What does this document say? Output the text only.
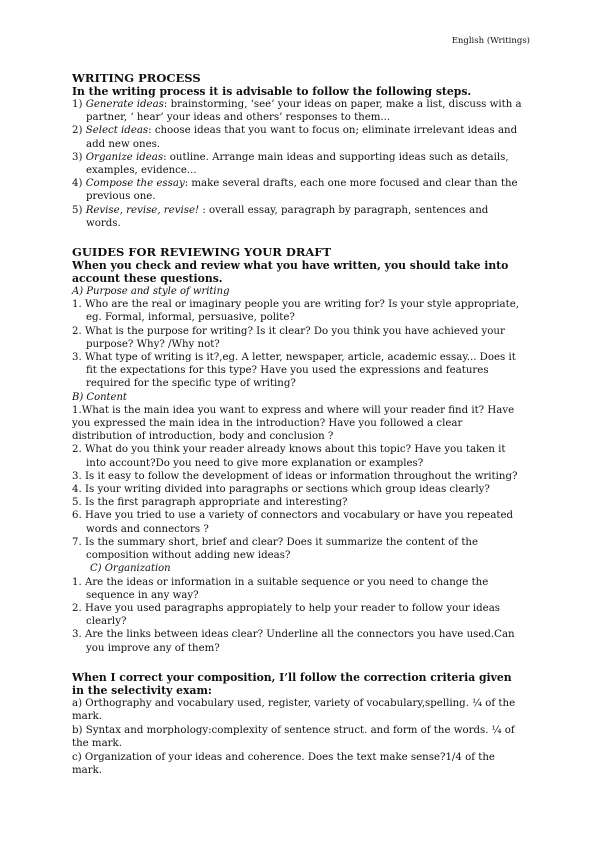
English (Writings)
WRITING PROCESS

In the writing process it is advisable to follow the following steps.

1) Generate ideas: brainstorming, ‘see’ your ideas on paper, make a list, discuss with a partner, ‘ hear’ your ideas and others’ responses to them...
2) Select ideas: choose ideas that you want to focus on; eliminate irrelevant ideas and add new ones.
3) Organize ideas: outline. Arrange main ideas and supporting ideas such as details, examples, evidence...
4) Compose the essay: make several drafts, each one more focused and clear than the previous one.
5) Revise, revise, revise! : overall essay, paragraph by paragraph, sentences and words.
GUIDES FOR REVIEWING YOUR DRAFT

When you check and review what you have written, you should take into account these questions.

A) Purpose and style of writing
1. Who are the real or imaginary people you are writing for? Is your style appropriate, eg. Formal, informal, persuasive, polite?
2. What is the purpose for writing? Is it clear? Do you think you have achieved your purpose? Why? /Why not?
3. What type of writing is it?,eg. A letter, newspaper, article, academic essay... Does it fit the expectations for this type? Have you used the expressions and features required for the specific type of writing?
B) Content
1.What is the main idea you want to express and where will your reader find it? Have you expressed the main idea in the introduction? Have you followed a clear distribution of introduction, body and conclusion ?
2. What do you think your reader already knows about this topic? Have you taken it into account?Do you need to give more explanation or examples?
3. Is it easy to follow the development of ideas or information throughout the writing?
4. Is your writing divided into paragraphs or sections which group ideas clearly?
5. Is the first paragraph appropriate and interesting?
6. Have you tried to use a variety of connectors and vocabulary or have you repeated words and connectors ?
7. Is the summary short, brief and clear? Does it summarize the content of the composition without adding new ideas?
C) Organization
1. Are the ideas or information in a suitable sequence or you need to change the sequence in any way?
2. Have you used paragraphs appropiately to help your reader to follow your ideas clearly?
3. Are the links between ideas clear? Underline all the connectors you have used.Can you improve any of them?

When I correct your composition, I’ll follow the correction criteria given in the selectivity exam:

a) Orthography and vocabulary used, register, variety of vocabulary,spelling. ¼ of the mark.
b) Syntax and morphology:complexity of sentence struct. and form of the words. ¼ of the mark.
c) Organization of your ideas and coherence. Does the text make sense?1/4 of the mark.
